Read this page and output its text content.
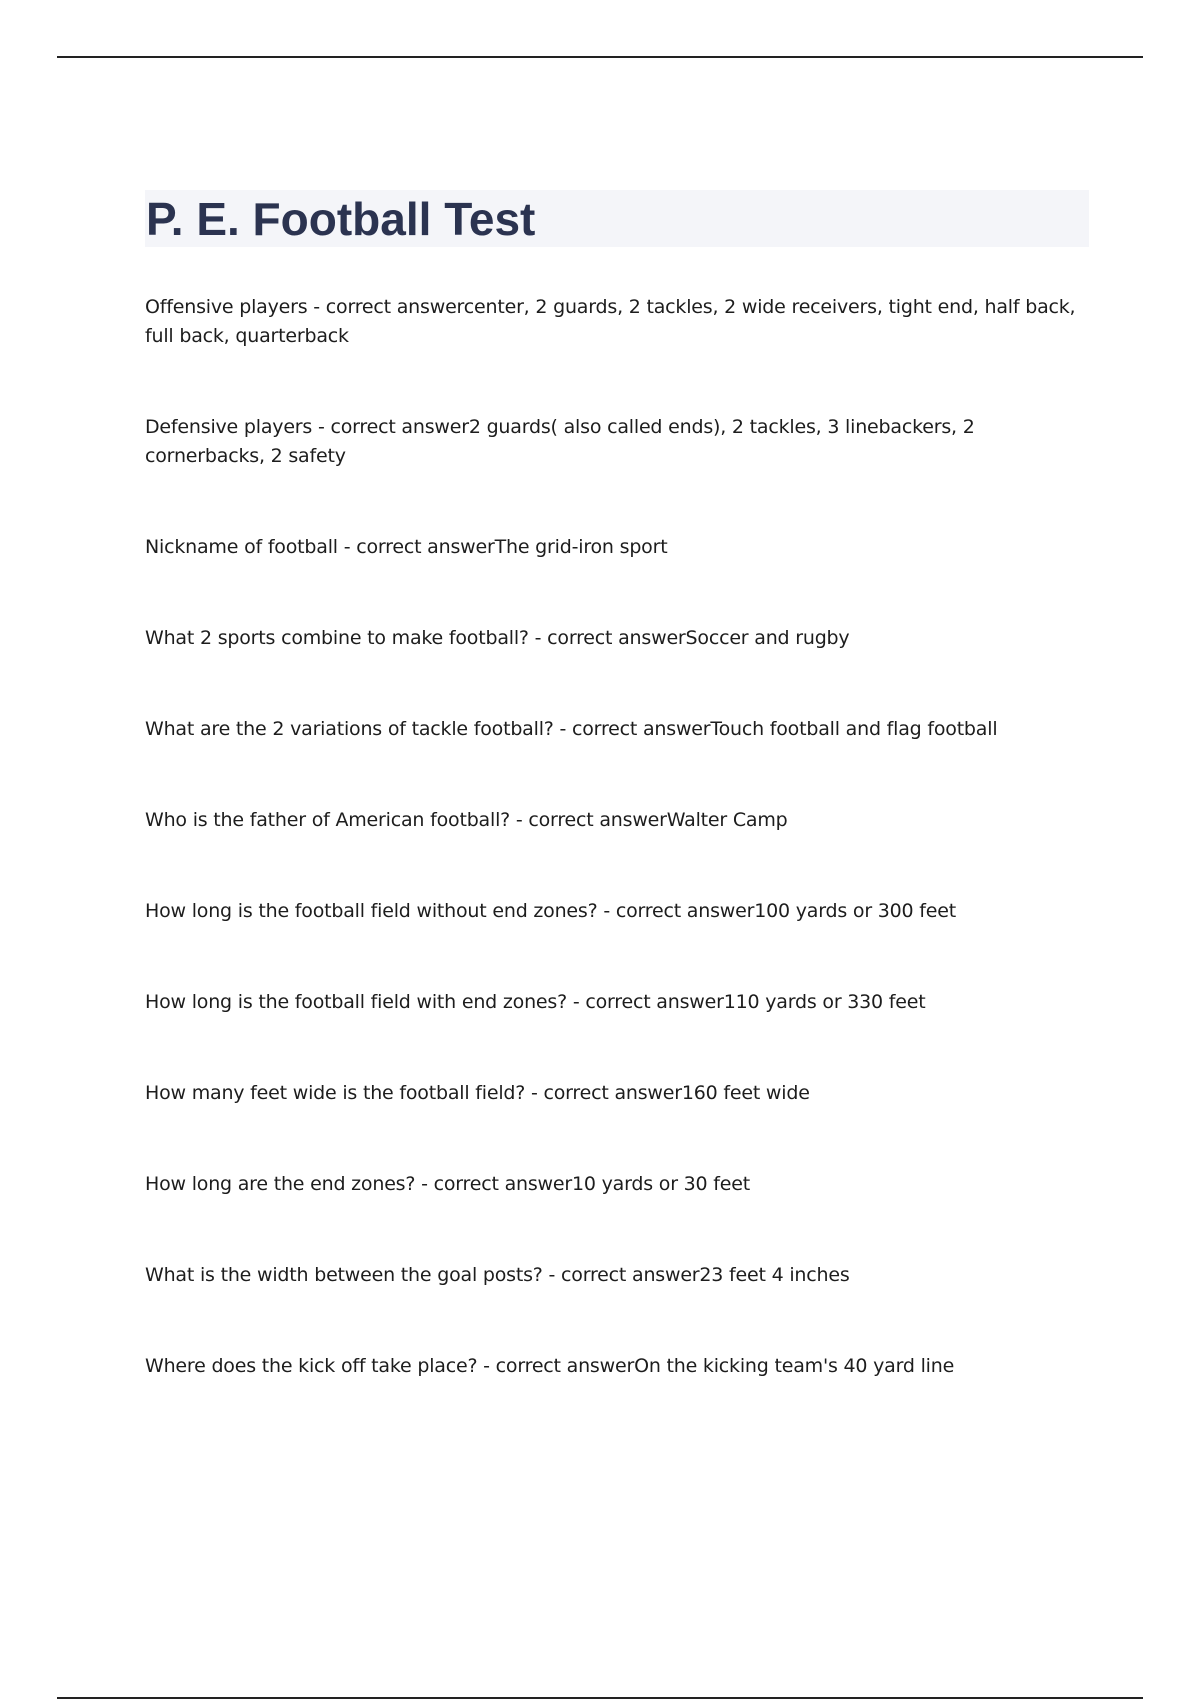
P. E. Football Test
Offensive players - correct answercenter, 2 guards, 2 tackles, 2 wide receivers, tight end, half back, full back, quarterback
Defensive players - correct answer2 guards( also called ends), 2 tackles, 3 linebackers, 2 cornerbacks, 2 safety
Nickname of football - correct answerThe grid-iron sport
What 2 sports combine to make football? - correct answerSoccer and rugby
What are the 2 variations of tackle football? - correct answerTouch football and flag football
Who is the father of American football? - correct answerWalter Camp
How long is the football field without end zones? - correct answer100 yards or 300 feet
How long is the football field with end zones? - correct answer110 yards or 330 feet
How many feet wide is the football field? - correct answer160 feet wide
How long are the end zones? - correct answer10 yards or 30 feet
What is the width between the goal posts? - correct answer23 feet 4 inches
Where does the kick off take place? - correct answerOn the kicking team's 40 yard line
